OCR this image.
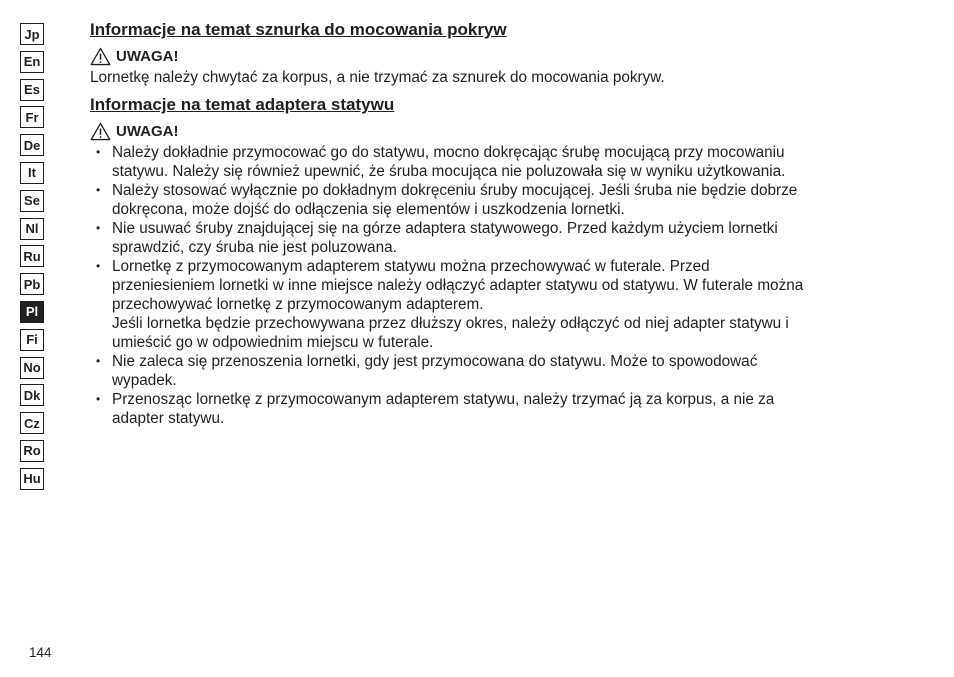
Jp
En
Es
Fr
De
It
Se
Nl
Ru
Pb
Pl
Fi
No
Dk
Cz
Ro
Hu
Informacje na temat sznurka do mocowania pokryw
UWAGA!

Lornetkę należy chwytać za korpus, a nie trzymać za sznurek do mocowania pokryw.

Informacje na temat adaptera statywu
UWAGA!
• Należy dokładnie przymocować go do statywu, mocno dokręcając śrubę mocującą przy mocowaniu
statywu. Należy się również upewnić, że śruba mocująca nie poluzowała się w wyniku użytkowania.
• Należy stosować wyłącznie po dokładnym dokręceniu śruby mocującej. Jeśli śruba nie będzie dobrze
dokręcona, może dojść do odłączenia się elementów i uszkodzenia lornetki.
• Nie usuwać śruby znajdującej się na górze adaptera statywowego. Przed każdym użyciem lornetki
sprawdzić, czy śruba nie jest poluzowana.
• Lornetkę z przymocowanym adapterem statywu można przechowywać w futerale. Przed
przeniesieniem lornetki w inne miejsce należy odłączyć adapter statywu od statywu. W futerale można
przechowywać lornetkę z przymocowanym adapterem.
Jeśli lornetka będzie przechowywana przez dłuższy okres, należy odłączyć od niej adapter statywu i
umieścić go w odpowiednim miejscu w futerale.
• Nie zaleca się przenoszenia lornetki, gdy jest przymocowana do statywu. Może to spowodować
wypadek.
• Przenosząc lornetkę z przymocowanym adapterem statywu, należy trzymać ją za korpus, a nie za
adapter statywu.
144
